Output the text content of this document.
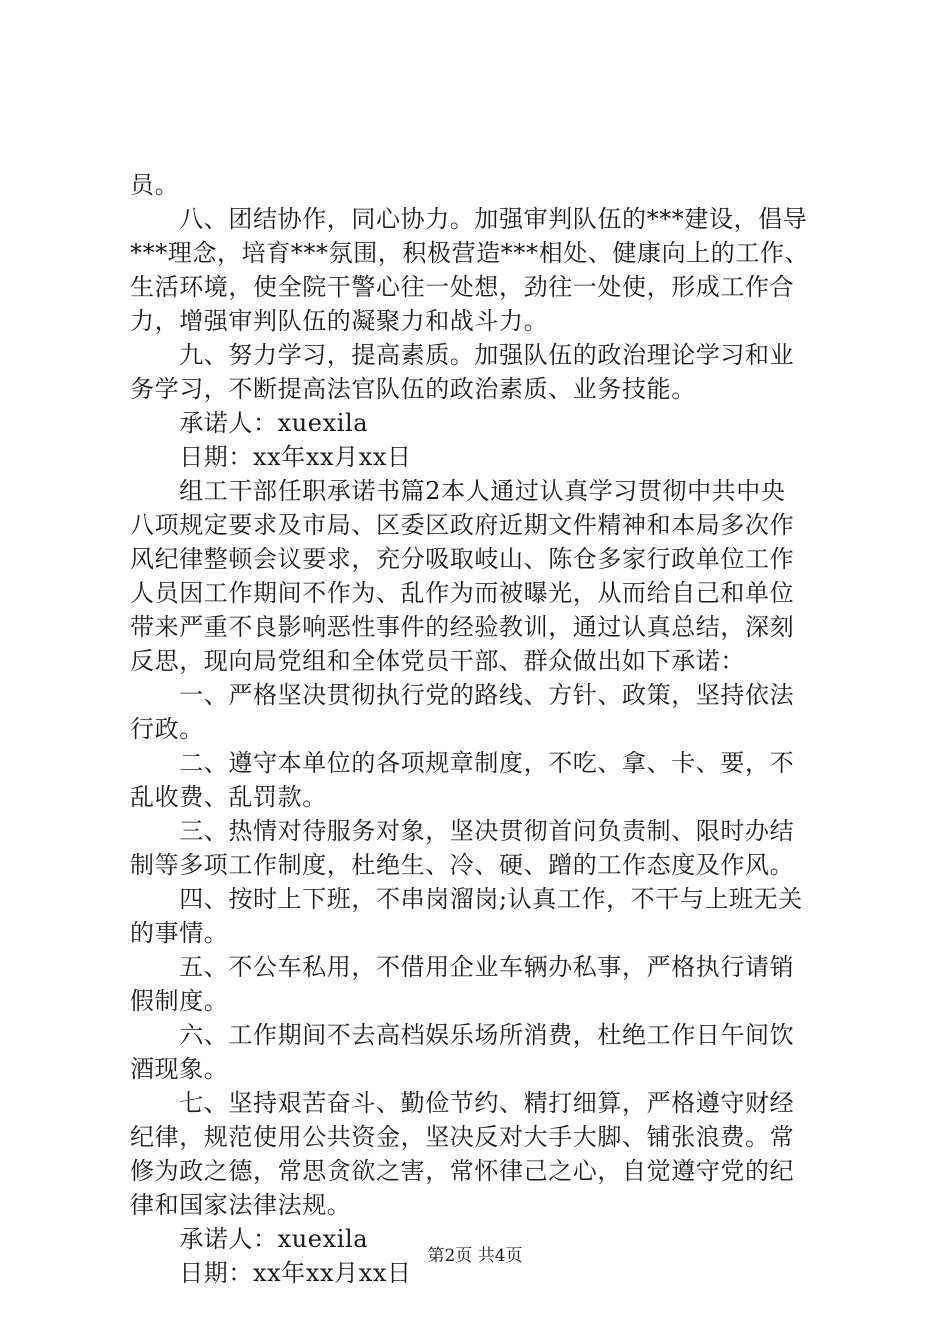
员。
　　八、团结协作，同心协力。加强审判队伍的***建设，倡导
***理念，培育***氛围，积极营造***相处、健康向上的工作、
生活环境，使全院干警心往一处想，劲往一处使，形成工作合
力，增强审判队伍的凝聚力和战斗力。
　　九、努力学习，提高素质。加强队伍的政治理论学习和业
务学习，不断提高法官队伍的政治素质、业务技能。
　　承诺人：xuexila
　　日期：xx年xx月xx日
　　组工干部任职承诺书篇2本人通过认真学习贯彻中共中央
八项规定要求及市局、区委区政府近期文件精神和本局多次作
风纪律整顿会议要求，充分吸取岐山、陈仓多家行政单位工作
人员因工作期间不作为、乱作为而被曝光，从而给自己和单位
带来严重不良影响恶性事件的经验教训，通过认真总结，深刻
反思，现向局党组和全体党员干部、群众做出如下承诺：
　　一、严格坚决贯彻执行党的路线、方针、政策，坚持依法
行政。
　　二、遵守本单位的各项规章制度，不吃、拿、卡、要，不
乱收费、乱罚款。
　　三、热情对待服务对象，坚决贯彻首问负责制、限时办结
制等多项工作制度，杜绝生、冷、硬、蹭的工作态度及作风。
　　四、按时上下班，不串岗溜岗;认真工作，不干与上班无关
的事情。
　　五、不公车私用，不借用企业车辆办私事，严格执行请销
假制度。
　　六、工作期间不去高档娱乐场所消费，杜绝工作日午间饮
酒现象。
　　七、坚持艰苦奋斗、勤俭节约、精打细算，严格遵守财经
纪律，规范使用公共资金，坚决反对大手大脚、铺张浪费。常
修为政之德，常思贪欲之害，常怀律己之心，自觉遵守党的纪
律和国家法律法规。
　　承诺人：xuexila
　　日期：xx年xx月xx日
第2页 共4页
